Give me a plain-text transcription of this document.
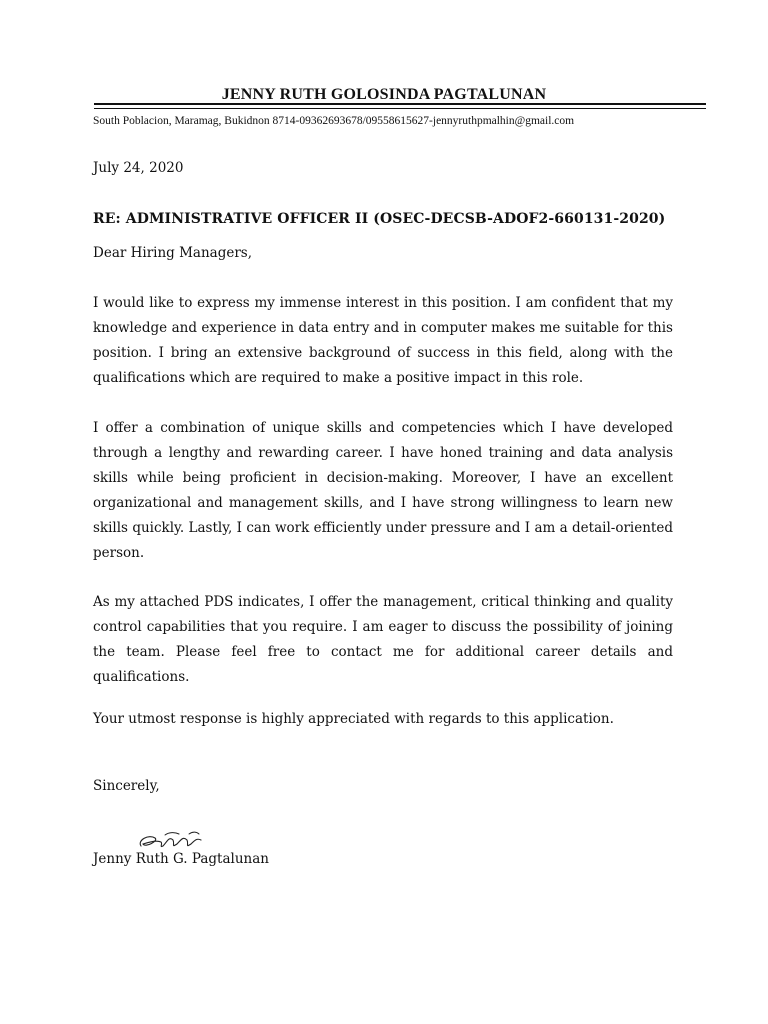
JENNY RUTH GOLOSINDA PAGTALUNAN
South Poblacion, Maramag, Bukidnon 8714-09362693678/09558615627-jennyruthpmalhin@gmail.com
July 24, 2020
RE: ADMINISTRATIVE OFFICER II (OSEC-DECSB-ADOF2-660131-2020)
Dear Hiring Managers,
I would like to express my immense interest in this position. I am confident that my knowledge and experience in data entry and in computer makes me suitable for this position. I bring an extensive background of success in this field, along with the qualifications which are required to make a positive impact in this role.
I offer a combination of unique skills and competencies which I have developed through a lengthy and rewarding career. I have honed training and data analysis skills while being proficient in decision-making. Moreover, I have an excellent organizational and management skills, and I have strong willingness to learn new skills quickly. Lastly, I can work efficiently under pressure and I am a detail-oriented person.
As my attached PDS indicates, I offer the management, critical thinking and quality control capabilities that you require. I am eager to discuss the possibility of joining the team. Please feel free to contact me for additional career details and qualifications.
Your utmost response is highly appreciated with regards to this application.
Sincerely,
Jenny Ruth G. Pagtalunan
